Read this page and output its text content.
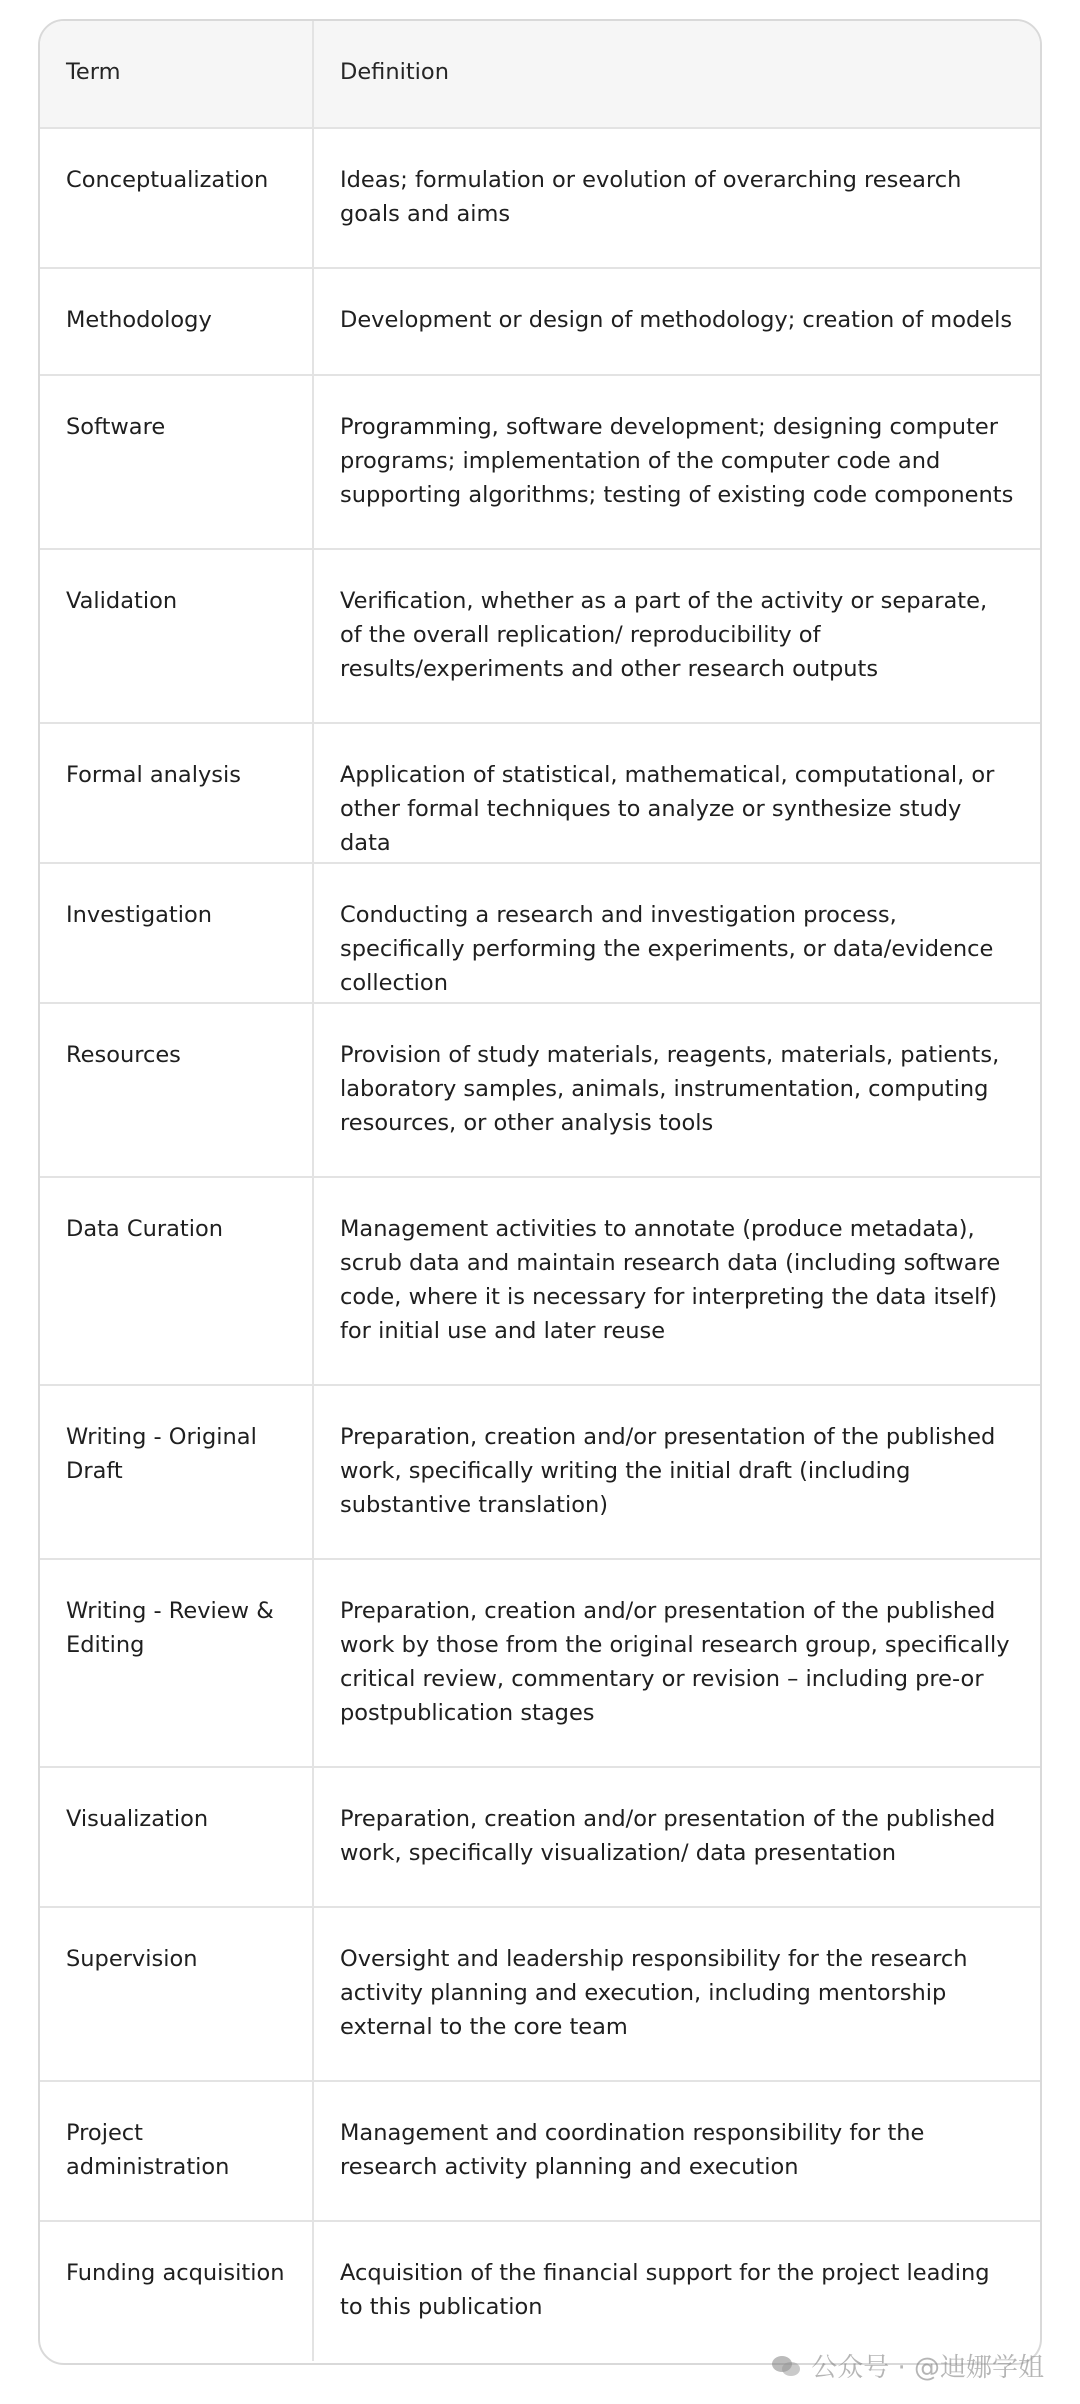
Term	Definition
Conceptualization	Ideas; formulation or evolution of overarching research goals and aims
Methodology	Development or design of methodology; creation of models
Software	Programming, software development; designing computer programs; implementation of the computer code and supporting algorithms; testing of existing code components
Validation	Verification, whether as a part of the activity or separate, of the overall replication/ reproducibility of results/experiments and other research outputs
Formal analysis	Application of statistical, mathematical, computational, or other formal techniques to analyze or synthesize study data
Investigation	Conducting a research and investigation process, specifically performing the experiments, or data/evidence collection
Resources	Provision of study materials, reagents, materials, patients, laboratory samples, animals, instrumentation, computing resources, or other analysis tools
Data Curation	Management activities to annotate (produce metadata), scrub data and maintain research data (including software code, where it is necessary for interpreting the data itself) for initial use and later reuse
Writing - Original Draft	Preparation, creation and/or presentation of the published work, specifically writing the initial draft (including substantive translation)
Writing - Review & Editing	Preparation, creation and/or presentation of the published work by those from the original research group, specifically critical review, commentary or revision – including pre-or postpublication stages
Visualization	Preparation, creation and/or presentation of the published work, specifically visualization/ data presentation
Supervision	Oversight and leadership responsibility for the research activity planning and execution, including mentorship external to the core team
Project administration	Management and coordination responsibility for the research activity planning and execution
Funding acquisition	Acquisition of the financial support for the project leading to this publication
公众号 · @迪娜学姐
